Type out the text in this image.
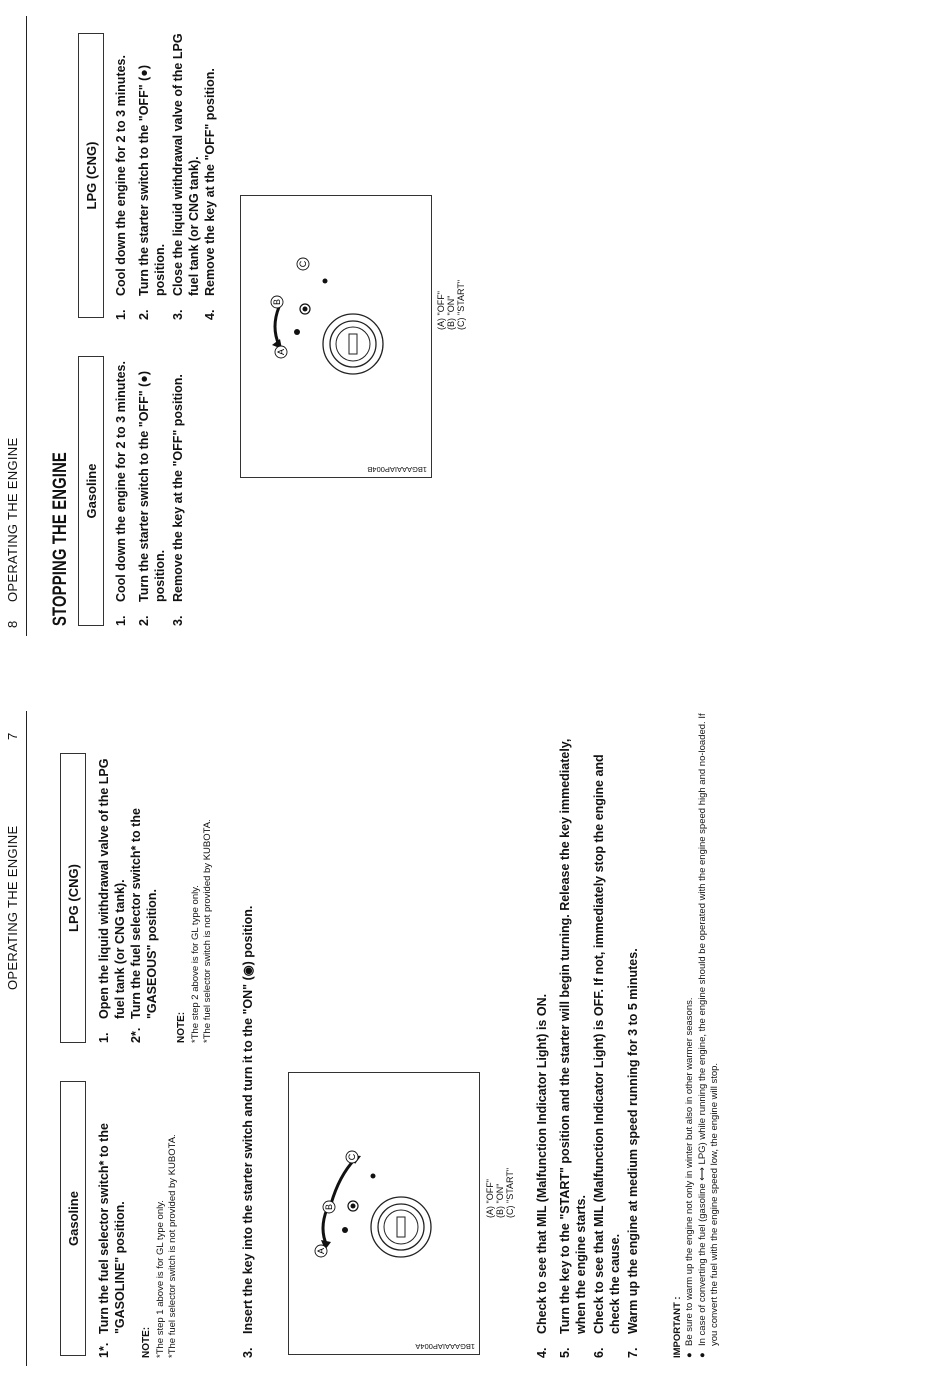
OPERATING THE ENGINE
7
Gasoline
1*.
Turn the fuel selector switch* to the "GASOLINE" position.
NOTE: *The step 1 above is for GL type only. *The fuel selector switch is not provided by KUBOTA.
LPG (CNG)
1.
Open the liquid withdrawal valve of the LPG fuel tank (or CNG tank).
2*.
Turn the fuel selector switch* to the "GASEOUS" position.
NOTE: *The step 2 above is for GL type only. *The fuel selector switch is not provided by KUBOTA.
3.
Insert the key into the starter switch and turn it to the "ON" (◉) position.
1BGAAAIAP004A
A
B
C
(A) "OFF" (B) "ON" (C) "START"
4.
Check to see that MIL (Malfunction Indicator Light) is ON.
5.
Turn the key to the "START" position and the starter will begin turning. Release the key immediately, when the engine starts.
6.
Check to see that MIL (Malfunction Indicator Light) is OFF. If not, immediately stop the engine and check the cause.
7.
Warm up the engine at medium speed running for 3 to 5 minutes.	IMPORTANT : ●
Be sure to warm up the engine not only in winter but also in other warmer seasons.
●
In case of converting the fuel (gasoline ⟷ LPG) while running the engine, the engine should be operated with the engine speed high and no-loaded. If you convert the fuel with the engine speed low, the engine will stop.
8
OPERATING THE ENGINE STOPPING THE ENGINE Gasoline
1.
Cool down the engine for 2 to 3 minutes.
2.
Turn the starter switch to the "OFF" (●) position.
3.
Remove the key at the "OFF" position.
LPG (CNG)
1.
Cool down the engine for 2 to 3 minutes.
2.
Turn the starter switch to the "OFF" (●) position.
3.
Close the liquid withdrawal valve of the LPG fuel tank (or CNG tank).
4.
Remove the key at the "OFF" position.
1BGAAAIAP004B
A
B
C
(A) "OFF" (B) "ON" (C) "START"
